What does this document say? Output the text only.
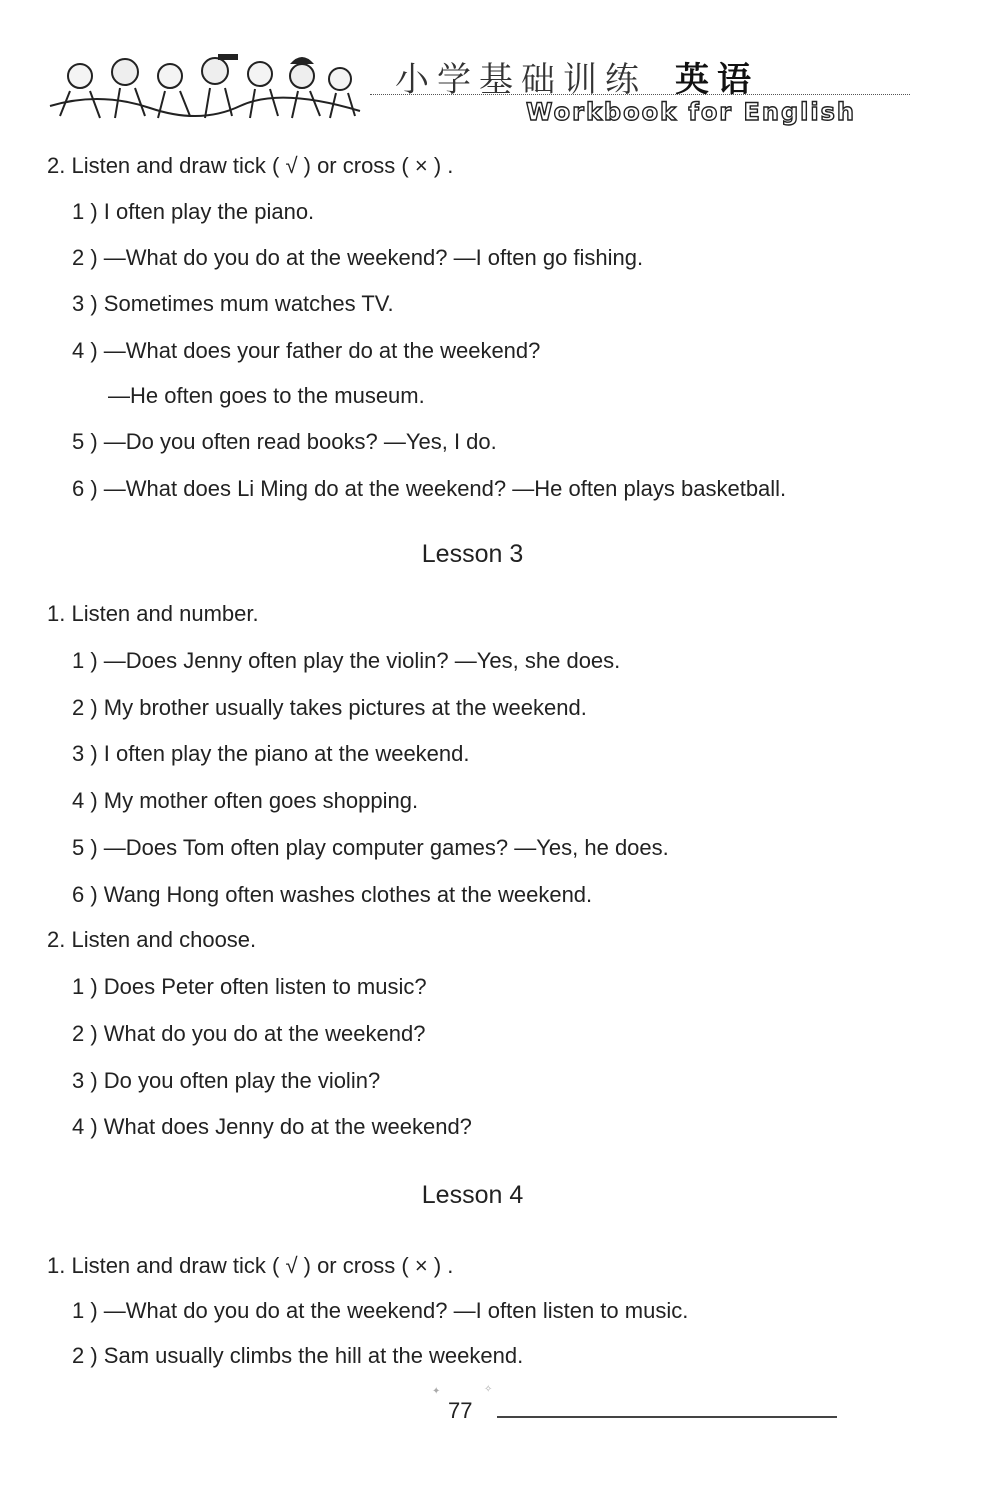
小学基础训练 英语
Workbook for English
2. Listen and draw tick ( √ ) or cross ( × ) .
1 ) I often play the piano.
2 ) —What do you do at the weekend? —I often go fishing.
3 ) Sometimes mum watches TV.
4 ) —What does your father do at the weekend?
—He often goes to the museum.
5 ) —Do you often read books? —Yes, I do.
6 ) —What does Li Ming do at the weekend? —He often plays basketball.
Lesson 3
1. Listen and number.
1 ) —Does Jenny often play the violin? —Yes, she does.
2 ) My brother usually takes pictures at the weekend.
3 ) I often play the piano at the weekend.
4 ) My mother often goes shopping.
5 ) —Does Tom often play computer games? —Yes, he does.
6 ) Wang Hong often washes clothes at the weekend.
2. Listen and choose.
1 ) Does Peter often listen to music?
2 ) What do you do at the weekend?
3 ) Do you often play the violin?
4 ) What does Jenny do at the weekend?
Lesson 4
1. Listen and draw tick ( √ ) or cross ( × ) .
1 ) —What do you do at the weekend? —I often listen to music.
2 ) Sam usually climbs the hill at the weekend.
77
✦	✧
